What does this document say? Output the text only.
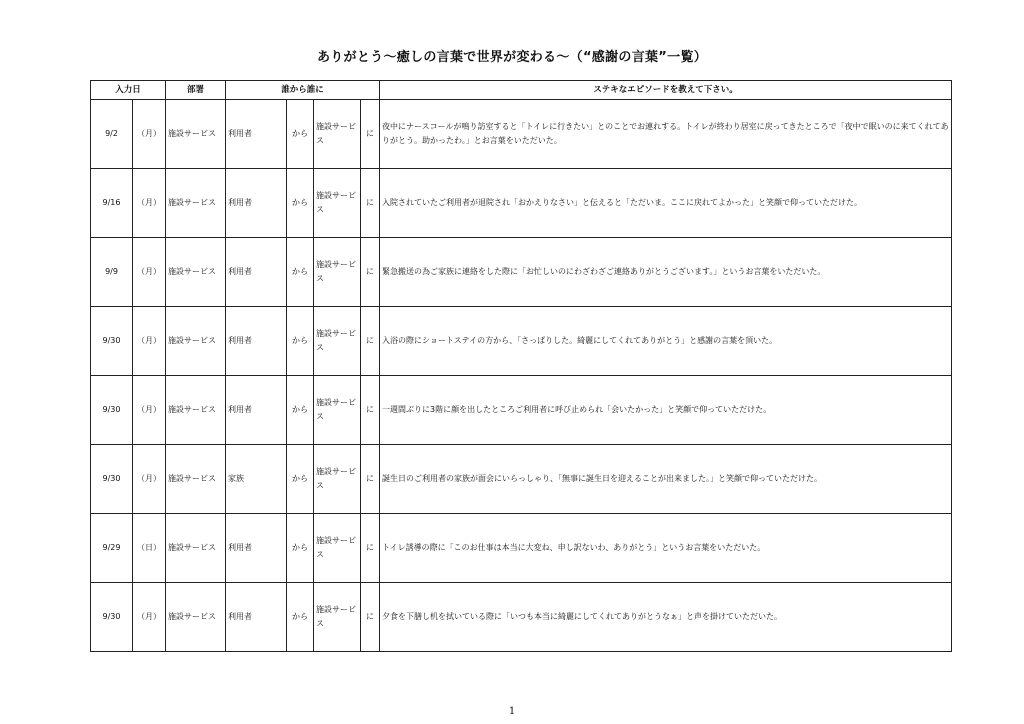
ありがとう～癒しの言葉で世界が変わる～（“感謝の言葉”一覧）
入力日		部署	誰から誰に				ステキなエピソードを教えて下さい。
9/2	（月）	施設サービス	利用者	から	施設サービス	に	夜中にナースコールが鳴り訪室すると「トイレに行きたい」とのことでお連れする。トイレが終わり居室に戻ってきたところで「夜中で眠いのに来てくれてありがとう。助かったわ。」とお言葉をいただいた。
9/16	（月）	施設サービス	利用者	から	施設サービス	に	入院されていたご利用者が退院され「おかえりなさい」と伝えると「ただいま。ここに戻れてよかった」と笑顔で仰っていただけた。
9/9	（月）	施設サービス	利用者	から	施設サービス	に	緊急搬送の為ご家族に連絡をした際に「お忙しいのにわざわざご連絡ありがとうございます。」というお言葉をいただいた。
9/30	（月）	施設サービス	利用者	から	施設サービス	に	入浴の際にショートステイの方から、「さっぱりした。綺麗にしてくれてありがとう」と感謝の言葉を頂いた。
9/30	（月）	施設サービス	利用者	から	施設サービス	に	一週間ぶりに3階に顔を出したところご利用者に呼び止められ「会いたかった」と笑顔で仰っていただけた。
9/30	（月）	施設サービス	家族	から	施設サービス	に	誕生日のご利用者の家族が面会にいらっしゃり、「無事に誕生日を迎えることが出来ました。」と笑顔で仰っていただけた。
9/29	（日）	施設サービス	利用者	から	施設サービス	に	トイレ誘導の際に「このお仕事は本当に大変ね、申し訳ないわ、ありがとう」というお言葉をいただいた。
9/30	（月）	施設サービス	利用者	から	施設サービス	に	夕食を下膳し机を拭いている際に「いつも本当に綺麗にしてくれてありがとうなぁ」と声を掛けていただいた。
1
